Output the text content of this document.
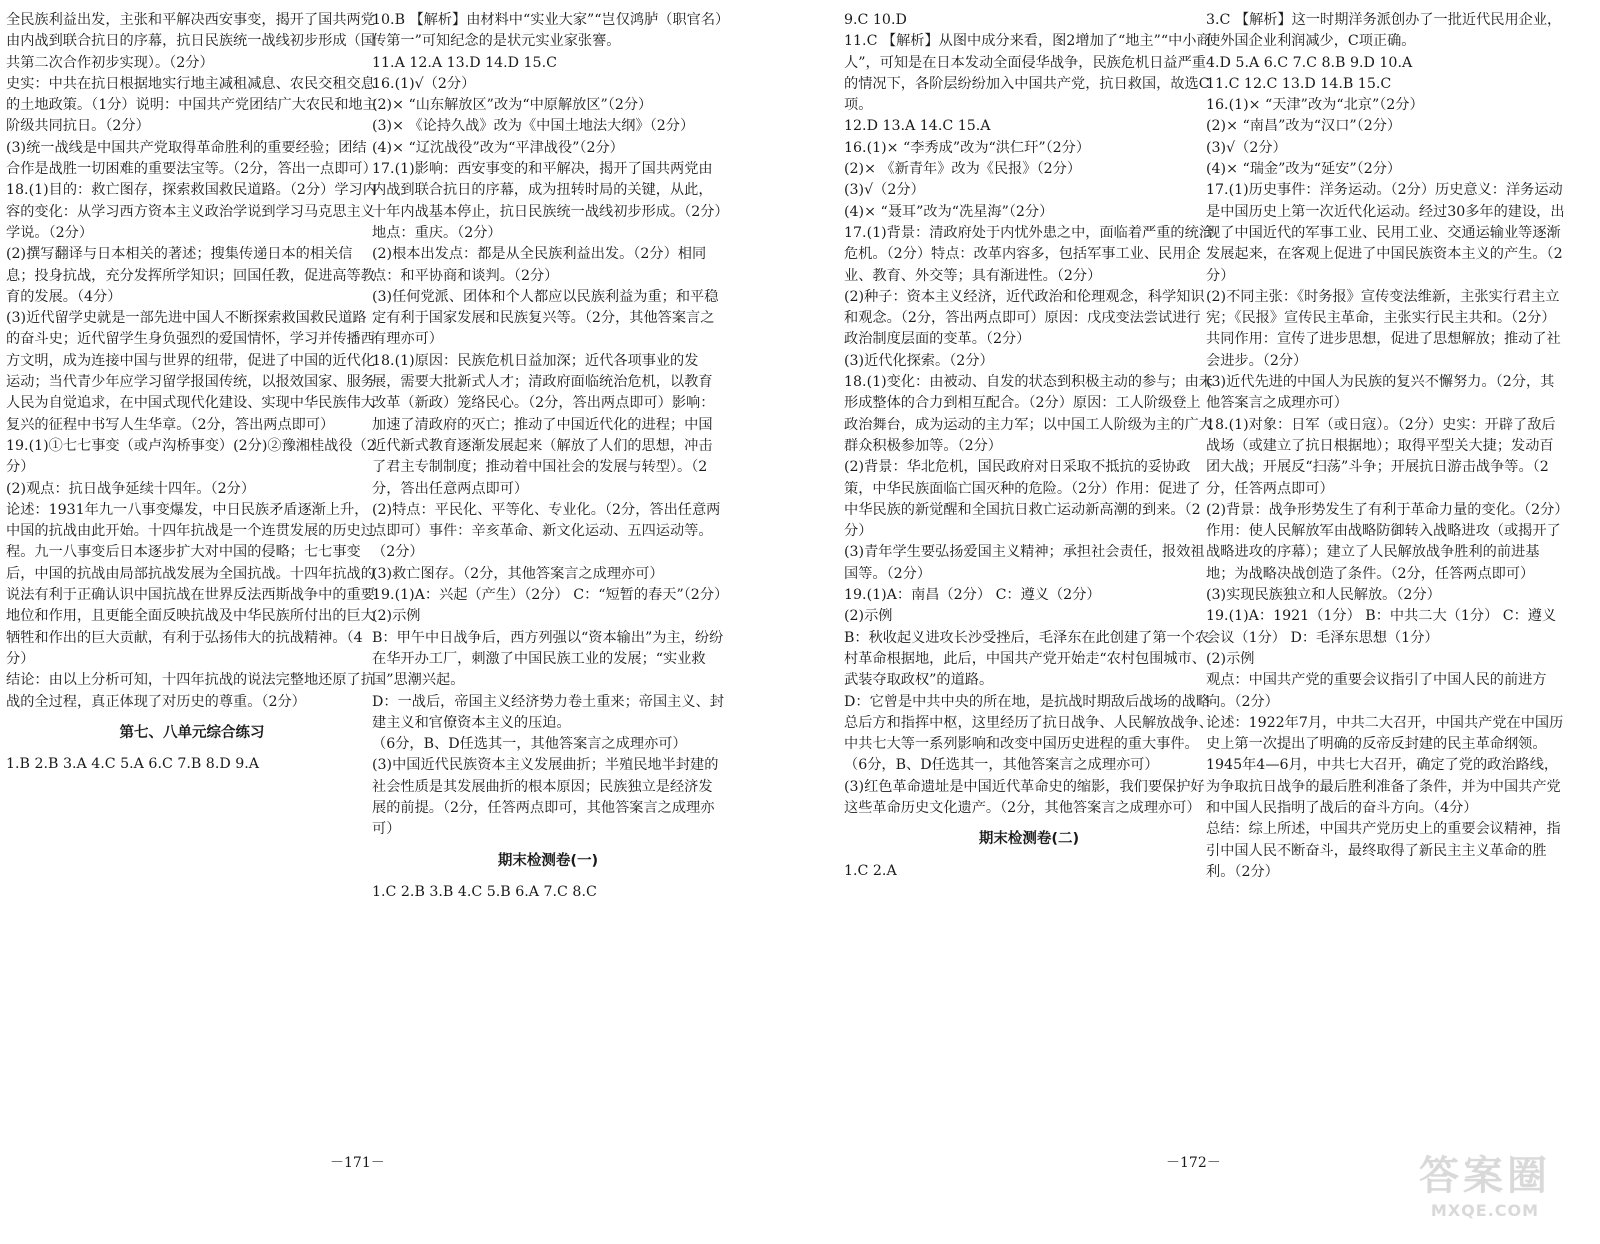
全民族利益出发，主张和平解决西安事变，揭开了国共两党由内战到联合抗日的序幕，抗日民族统一战线初步形成（国共第二次合作初步实现）。（2分）

史实：中共在抗日根据地实行地主减租减息、农民交租交息的土地政策。（1分）说明：中国共产党团结广大农民和地主阶级共同抗日。（2分）

(3)统一战线是中国共产党取得革命胜利的重要经验；团结合作是战胜一切困难的重要法宝等。（2分，答出一点即可）

18.(1)目的：救亡图存，探索救国救民道路。（2分）学习内容的变化：从学习西方资本主义政治学说到学习马克思主义学说。（2分）

(2)撰写翻译与日本相关的著述；搜集传递日本的相关信息；投身抗战，充分发挥所学知识；回国任教，促进高等教育的发展。（4分）

(3)近代留学史就是一部先进中国人不断探索救国救民道路的奋斗史；近代留学生身负强烈的爱国情怀，学习并传播西方文明，成为连接中国与世界的纽带，促进了中国的近代化运动；当代青少年应学习留学报国传统，以报效国家、服务人民为自觉追求，在中国式现代化建设、实现中华民族伟大复兴的征程中书写人生华章。（2分，答出两点即可）

19.(1)①七七事变（或卢沟桥事变）(2分)②豫湘桂战役（2分）

(2)观点：抗日战争延续十四年。（2分）

论述：1931年九一八事变爆发，中日民族矛盾逐渐上升，中国的抗战由此开始。十四年抗战是一个连贯发展的历史过程。九一八事变后日本逐步扩大对中国的侵略；七七事变后，中国的抗战由局部抗战发展为全国抗战。十四年抗战的说法有利于正确认识中国抗战在世界反法西斯战争中的重要地位和作用，且更能全面反映抗战及中华民族所付出的巨大牺牲和作出的巨大贡献，有利于弘扬伟大的抗战精神。（4分）

结论：由以上分析可知，十四年抗战的说法完整地还原了抗战的全过程，真正体现了对历史的尊重。（2分）

第七、八单元综合练习

1.B 2.B 3.A 4.C 5.A 6.C 7.B 8.D 9.A

10.B 【解析】由材料中“实业大家”“岂仅鸿胪（职官名）传第一”可知纪念的是状元实业家张謇。

11.A 12.A 13.D 14.D 15.C

16.(1)√（2分）

(2)× “山东解放区”改为“中原解放区”（2分）

(3)× 《论持久战》改为《中国土地法大纲》（2分）

(4)× “辽沈战役”改为“平津战役”（2分）

17.(1)影响：西安事变的和平解决，揭开了国共两党由内战到联合抗日的序幕，成为扭转时局的关键，从此，十年内战基本停止，抗日民族统一战线初步形成。（2分）地点：重庆。（2分）

(2)根本出发点：都是从全民族利益出发。（2分）相同点：和平协商和谈判。（2分）

(3)任何党派、团体和个人都应以民族利益为重；和平稳定有利于国家发展和民族复兴等。（2分，其他答案言之有理亦可）

18.(1)原因：民族危机日益加深；近代各项事业的发展，需要大批新式人才；清政府面临统治危机，以教育改革（新政）笼络民心。（2分，答出两点即可）影响：加速了清政府的灭亡；推动了中国近代化的进程；中国近代新式教育逐渐发展起来（解放了人们的思想，冲击了君主专制制度；推动着中国社会的发展与转型）。（2分，答出任意两点即可）

(2)特点：平民化、平等化、专业化。（2分，答出任意两点即可）事件：辛亥革命、新文化运动、五四运动等。（2分）

(3)救亡图存。（2分，其他答案言之成理亦可）

19.(1)A：兴起（产生）（2分） C：“短暂的春天”（2分）

(2)示例

B：甲午中日战争后，西方列强以“资本输出”为主，纷纷在华开办工厂，刺激了中国民族工业的发展；“实业救国”思潮兴起。

D：一战后，帝国主义经济势力卷土重来；帝国主义、封建主义和官僚资本主义的压迫。

（6分，B、D任选其一，其他答案言之成理亦可）

(3)中国近代民族资本主义发展曲折；半殖民地半封建的社会性质是其发展曲折的根本原因；民族独立是经济发展的前提。（2分，任答两点即可，其他答案言之成理亦可）

期末检测卷(一)

1.C 2.B 3.B 4.C 5.B 6.A 7.C 8.C

－171－

9.C 10.D

11.C 【解析】从图中成分来看，图2增加了“地主”“中小商人”，可知是在日本发动全面侵华战争，民族危机日益严重的情况下，各阶层纷纷加入中国共产党，抗日救国，故选C项。

12.D 13.A 14.C 15.A

16.(1)× “李秀成”改为“洪仁玕”（2分）

(2)× 《新青年》改为《民报》（2分）

(3)√（2分）

(4)× “聂耳”改为“冼星海”（2分）

17.(1)背景：清政府处于内忧外患之中，面临着严重的统治危机。（2分）特点：改革内容多，包括军事工业、民用企业、教育、外交等；具有渐进性。（2分）

(2)种子：资本主义经济，近代政治和伦理观念，科学知识和观念。（2分，答出两点即可）原因：戊戌变法尝试进行政治制度层面的变革。（2分）

(3)近代化探索。（2分）

18.(1)变化：由被动、自发的状态到积极主动的参与；由未形成整体的合力到相互配合。（2分）原因：工人阶级登上政治舞台，成为运动的主力军；以中国工人阶级为主的广大群众积极参加等。（2分）

(2)背景：华北危机，国民政府对日采取不抵抗的妥协政策，中华民族面临亡国灭种的危险。（2分）作用：促进了中华民族的新觉醒和全国抗日救亡运动新高潮的到来。（2分）

(3)青年学生要弘扬爱国主义精神；承担社会责任，报效祖国等。（2分）

19.(1)A：南昌（2分） C：遵义（2分）

(2)示例

B：秋收起义进攻长沙受挫后，毛泽东在此创建了第一个农村革命根据地，此后，中国共产党开始走“农村包围城市、武装夺取政权”的道路。

D：它曾是中共中央的所在地，是抗战时期敌后战场的战略总后方和指挥中枢，这里经历了抗日战争、人民解放战争、中共七大等一系列影响和改变中国历史进程的重大事件。

（6分，B、D任选其一，其他答案言之成理亦可）

(3)红色革命遗址是中国近代革命史的缩影，我们要保护好这些革命历史文化遗产。（2分，其他答案言之成理亦可）

期末检测卷(二)

1.C 2.A

3.C 【解析】这一时期洋务派创办了一批近代民用企业，使外国企业利润减少，C项正确。

4.D 5.A 6.C 7.C 8.B 9.D 10.A

11.C 12.C 13.D 14.B 15.C

16.(1)× “天津”改为“北京”（2分）

(2)× “南昌”改为“汉口”（2分）

(3)√（2分）

(4)× “瑞金”改为“延安”（2分）

17.(1)历史事件：洋务运动。（2分）历史意义：洋务运动是中国历史上第一次近代化运动。经过30多年的建设，出现了中国近代的军事工业、民用工业、交通运输业等逐渐发展起来，在客观上促进了中国民族资本主义的产生。（2分）

(2)不同主张：《时务报》宣传变法维新，主张实行君主立宪；《民报》宣传民主革命，主张实行民主共和。（2分）共同作用：宣传了进步思想，促进了思想解放；推动了社会进步。（2分）

(3)近代先进的中国人为民族的复兴不懈努力。（2分，其他答案言之成理亦可）

18.(1)对象：日军（或日寇）。（2分）史实：开辟了敌后战场（或建立了抗日根据地）；取得平型关大捷；发动百团大战；开展反“扫荡”斗争；开展抗日游击战争等。（2分，任答两点即可）

(2)背景：战争形势发生了有利于革命力量的变化。（2分）作用：使人民解放军由战略防御转入战略进攻（或揭开了战略进攻的序幕）；建立了人民解放战争胜利的前进基地；为战略决战创造了条件。（2分，任答两点即可）

(3)实现民族独立和人民解放。（2分）

19.(1)A：1921（1分） B：中共二大（1分） C：遵义会议（1分） D：毛泽东思想（1分）

(2)示例

观点：中国共产党的重要会议指引了中国人民的前进方向。（2分）

论述：1922年7月，中共二大召开，中国共产党在中国历史上第一次提出了明确的反帝反封建的民主革命纲领。1945年4—6月，中共七大召开，确定了党的政治路线，为争取抗日战争的最后胜利准备了条件，并为中国共产党和中国人民指明了战后的奋斗方向。（4分）

总结：综上所述，中国共产党历史上的重要会议精神，指引中国人民不断奋斗，最终取得了新民主主义革命的胜利。（2分）

－172－	答案圈
MXQE.COM
